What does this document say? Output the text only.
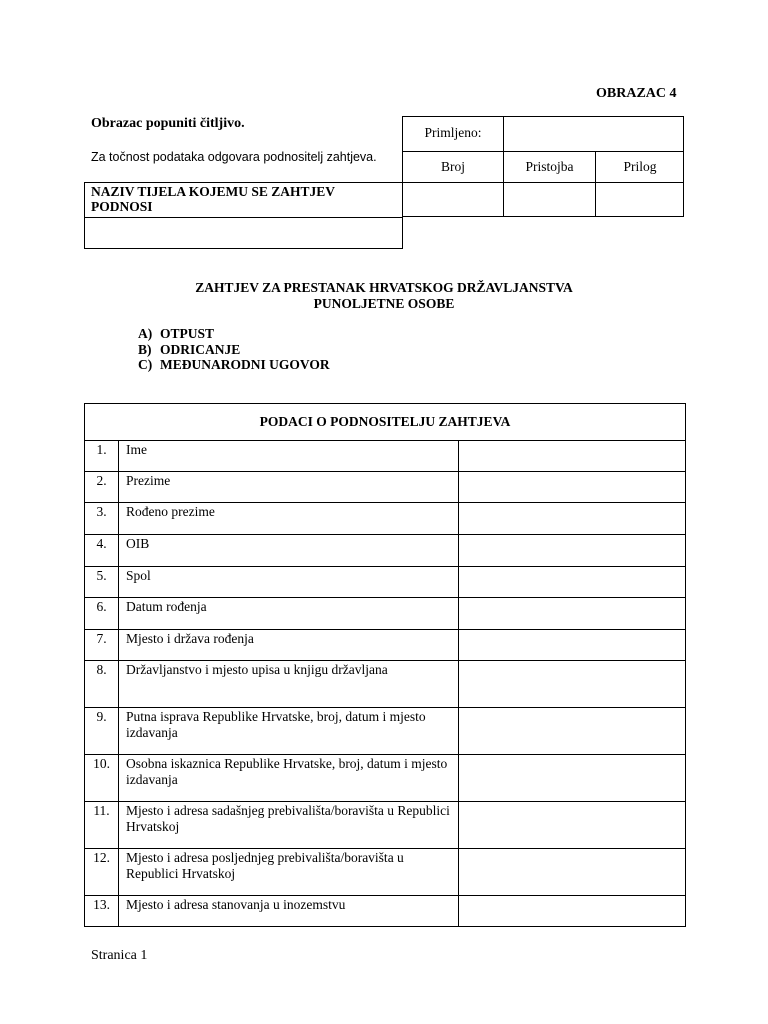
OBRAZAC 4
Obrazac popuniti čitljivo.
Za točnost podataka odgovara podnositelj zahtjeva.
Primljeno:
Broj	Pristojba	Prilog
NAZIV TIJELA KOJEMU SE ZAHTJEV PODNOSI
ZAHTJEV ZA PRESTANAK HRVATSKOG DRŽAVLJANSTVA
PUNOLJETNE OSOBE
A) OTPUST
B) ODRICANJE
C) MEĐUNARODNI UGOVOR
PODACI O PODNOSITELJU ZAHTJEVA
1.	Ime
2.	Prezime
3.	Rođeno prezime
4.	OIB
5.	Spol
6.	Datum rođenja
7.	Mjesto i država rođenja
8.	Državljanstvo i mjesto upisa u knjigu državljana
9.	Putna isprava Republike Hrvatske, broj, datum i mjesto izdavanja
10.	Osobna iskaznica Republike Hrvatske, broj, datum i mjesto izdavanja
11.	Mjesto i adresa sadašnjeg prebivališta/boravišta u Republici Hrvatskoj
12.	Mjesto i adresa posljednjeg prebivališta/boravišta u Republici Hrvatskoj
13.	Mjesto i adresa stanovanja u inozemstvu
Stranica 1
